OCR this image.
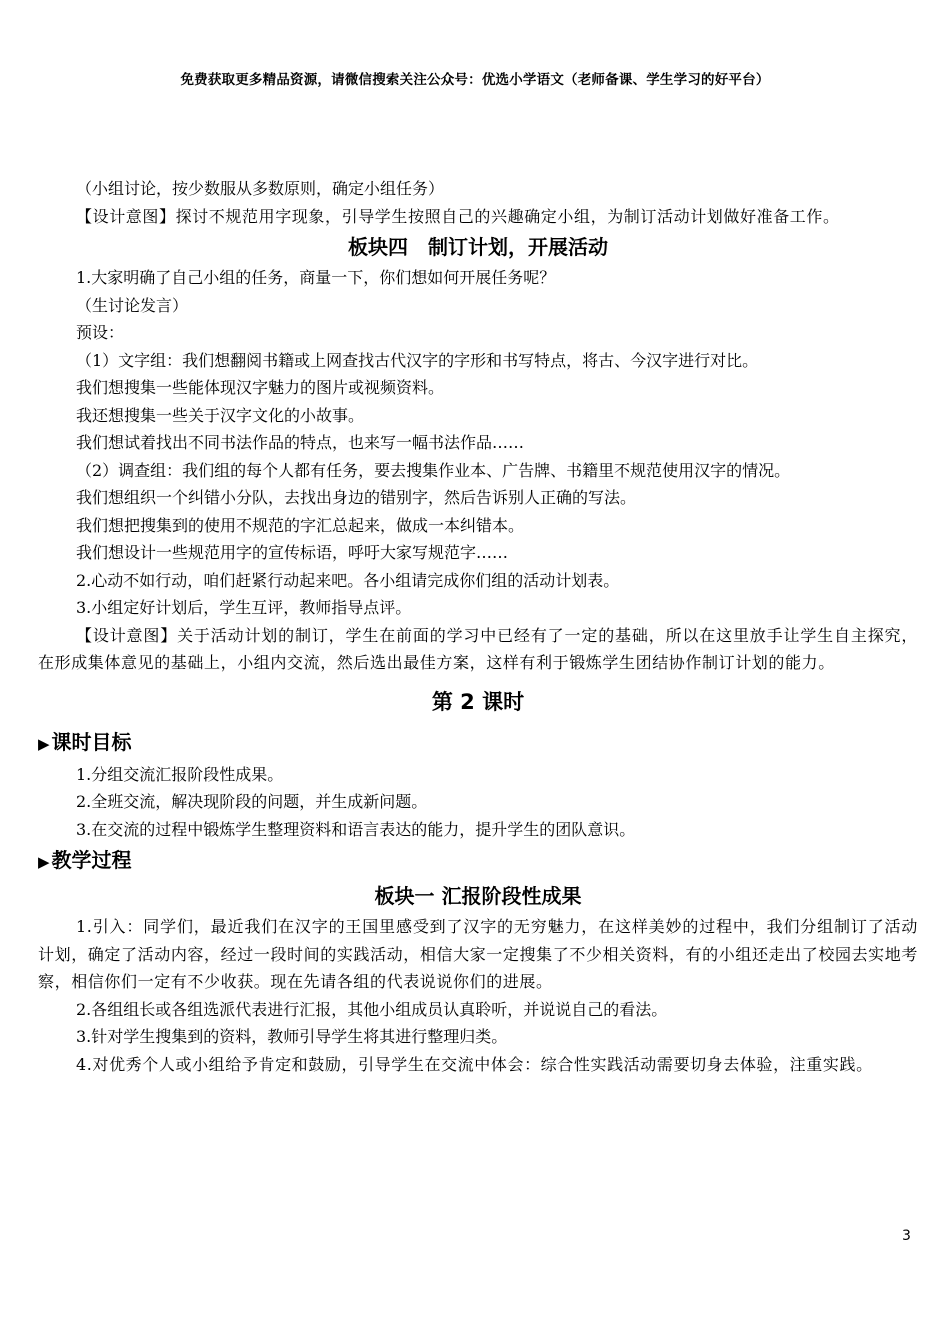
免费获取更多精品资源，请微信搜索关注公众号：优选小学语文（老师备课、学生学习的好平台）

（小组讨论，按少数服从多数原则，确定小组任务）

【设计意图】探讨不规范用字现象，引导学生按照自己的兴趣确定小组，为制订活动计划做好准备工作。

板块四　制订计划，开展活动

1.大家明确了自己小组的任务，商量一下，你们想如何开展任务呢？

（生讨论发言）

预设：

（1）文字组：我们想翻阅书籍或上网查找古代汉字的字形和书写特点，将古、今汉字进行对比。

我们想搜集一些能体现汉字魅力的图片或视频资料。

我还想搜集一些关于汉字文化的小故事。

我们想试着找出不同书法作品的特点，也来写一幅书法作品……

（2）调查组：我们组的每个人都有任务，要去搜集作业本、广告牌、书籍里不规范使用汉字的情况。

我们想组织一个纠错小分队，去找出身边的错别字，然后告诉别人正确的写法。

我们想把搜集到的使用不规范的字汇总起来，做成一本纠错本。

我们想设计一些规范用字的宣传标语，呼吁大家写规范字……

2.心动不如行动，咱们赶紧行动起来吧。各小组请完成你们组的活动计划表。

3.小组定好计划后，学生互评，教师指导点评。

【设计意图】关于活动计划的制订，学生在前面的学习中已经有了一定的基础，所以在这里放手让学生自主探究，在形成集体意见的基础上，小组内交流，然后选出最佳方案，这样有利于锻炼学生团结协作制订计划的能力。

第 2 课时

▶ 课时目标

1.分组交流汇报阶段性成果。

2.全班交流，解决现阶段的问题，并生成新问题。

3.在交流的过程中锻炼学生整理资料和语言表达的能力，提升学生的团队意识。

▶ 教学过程

板块一 汇报阶段性成果

1.引入：同学们，最近我们在汉字的王国里感受到了汉字的无穷魅力，在这样美妙的过程中，我们分组制订了活动计划，确定了活动内容，经过一段时间的实践活动，相信大家一定搜集了不少相关资料，有的小组还走出了校园去实地考察，相信你们一定有不少收获。现在先请各组的代表说说你们的进展。

2.各组组长或各组选派代表进行汇报，其他小组成员认真聆听，并说说自己的看法。

3.针对学生搜集到的资料，教师引导学生将其进行整理归类。

4.对优秀个人或小组给予肯定和鼓励，引导学生在交流中体会：综合性实践活动需要切身去体验，注重实践。

3
